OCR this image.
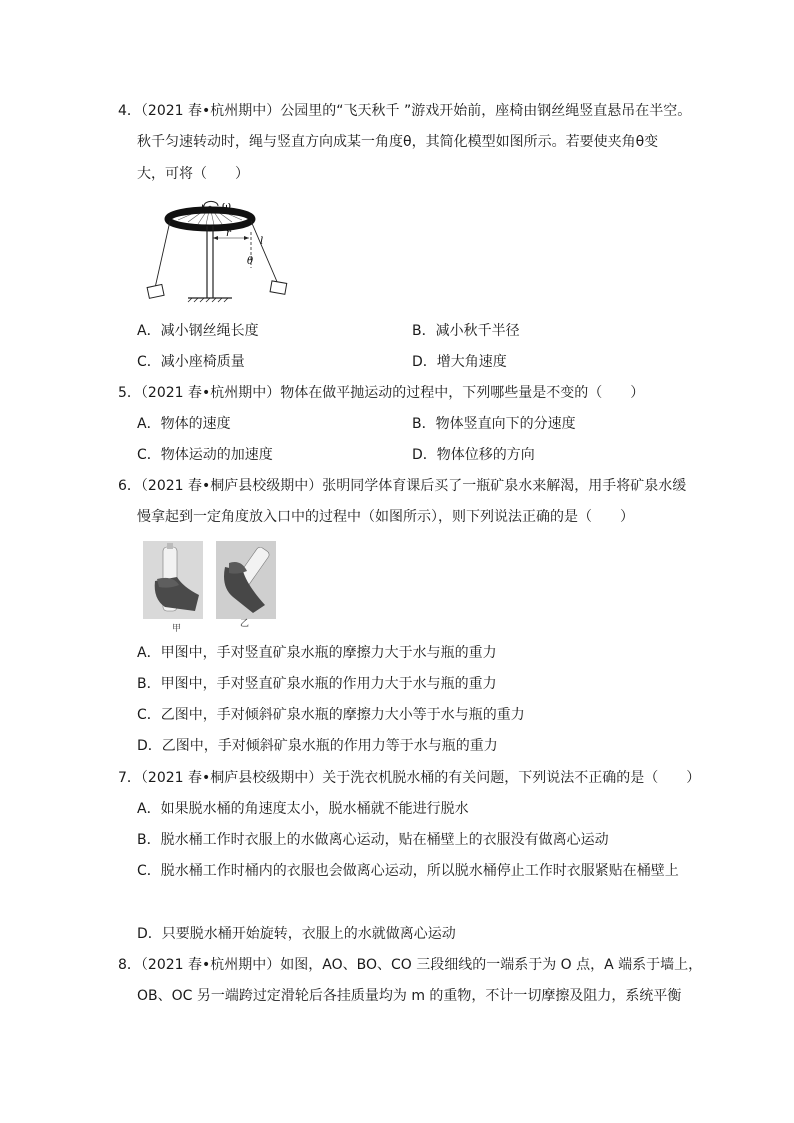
4．（2021 春•杭州期中）公园里的“飞天秋千 ”游戏开始前，座椅由钢丝绳竖直悬吊在半空。
秋千匀速转动时，绳与竖直方向成某一角度θ，其简化模型如图所示。若要使夹角θ变
大，可将（　　）
ω
r
l
θ
A．减小钢丝绳长度	B．减小秋千半径
C．减小座椅质量	D．增大角速度
5．（2021 春•杭州期中）物体在做平抛运动的过程中，下列哪些量是不变的（　　）
A．物体的速度	B．物体竖直向下的分速度
C．物体运动的加速度	D．物体位移的方向
6．（2021 春•桐庐县校级期中）张明同学体育课后买了一瓶矿泉水来解渴，用手将矿泉水缓
慢拿起到一定角度放入口中的过程中（如图所示），则下列说法正确的是（　　）
甲	乙
A．甲图中，手对竖直矿泉水瓶的摩擦力大于水与瓶的重力
B．甲图中，手对竖直矿泉水瓶的作用力大于水与瓶的重力
C．乙图中，手对倾斜矿泉水瓶的摩擦力大小等于水与瓶的重力
D．乙图中，手对倾斜矿泉水瓶的作用力等于水与瓶的重力
7．（2021 春•桐庐县校级期中）关于洗衣机脱水桶的有关问题，下列说法不正确的是（　　）
A．如果脱水桶的角速度太小，脱水桶就不能进行脱水
B．脱水桶工作时衣服上的水做离心运动，贴在桶壁上的衣服没有做离心运动
C．脱水桶工作时桶内的衣服也会做离心运动，所以脱水桶停止工作时衣服紧贴在桶壁上
D．只要脱水桶开始旋转，衣服上的水就做离心运动
8．（2021 春•杭州期中）如图，AO、BO、CO 三段细线的一端系于为 O 点，A 端系于墙上，
OB、OC 另一端跨过定滑轮后各挂质量均为 m 的重物，不计一切摩擦及阻力，系统平衡
